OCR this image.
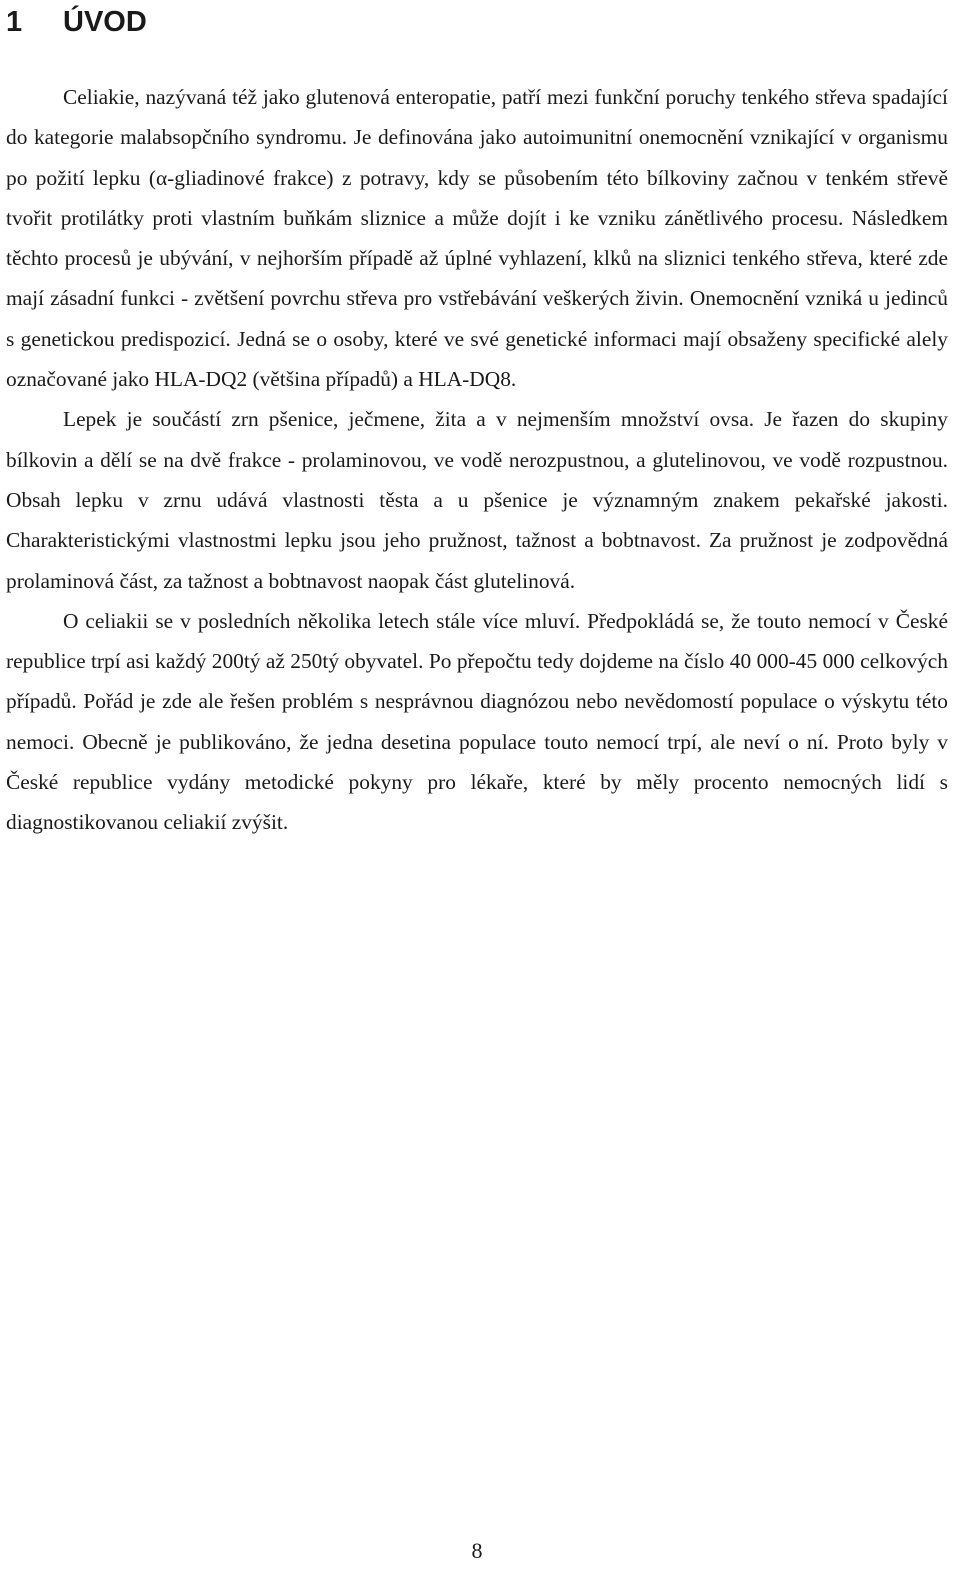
1 ÚVOD

Celiakie, nazývaná též jako glutenová enteropatie, patří mezi funkční poruchy tenkého střeva spadající do kategorie malabsopčního syndromu. Je definována jako autoimunitní onemocnění vznikající v organismu po požití lepku (α-gliadinové frakce) z potravy, kdy se působením této bílkoviny začnou v tenkém střevě tvořit protilátky proti vlastním buňkám sliznice a může dojít i ke vzniku zánětlivého procesu. Následkem těchto procesů je ubývání, v nejhorším případě až úplné vyhlazení, klků na sliznici tenkého střeva, které zde mají zásadní funkci - zvětšení povrchu střeva pro vstřebávání veškerých živin. Onemocnění vzniká u jedinců s genetickou predispozicí. Jedná se o osoby, které ve své genetické informaci mají obsaženy specifické alely označované jako HLA-DQ2 (většina případů) a HLA-DQ8.

Lepek je součástí zrn pšenice, ječmene, žita a v nejmenším množství ovsa. Je řazen do skupiny bílkovin a dělí se na dvě frakce - prolaminovou, ve vodě nerozpustnou, a glutelinovou, ve vodě rozpustnou. Obsah lepku v zrnu udává vlastnosti těsta a u pšenice je významným znakem pekařské jakosti. Charakteristickými vlastnostmi lepku jsou jeho pružnost, tažnost a bobtnavost. Za pružnost je zodpovědná prolaminová část, za tažnost a bobtnavost naopak část glutelinová.

O celiakii se v posledních několika letech stále více mluví. Předpokládá se, že touto nemocí v České republice trpí asi každý 200tý až 250tý obyvatel. Po přepočtu tedy dojdeme na číslo 40 000-45 000 celkových případů. Pořád je zde ale řešen problém s nesprávnou diagnózou nebo nevědomostí populace o výskytu této nemoci. Obecně je publikováno, že jedna desetina populace touto nemocí trpí, ale neví o ní. Proto byly v České republice vydány metodické pokyny pro lékaře, které by měly procento nemocných lidí s diagnostikovanou celiakií zvýšit.

8
